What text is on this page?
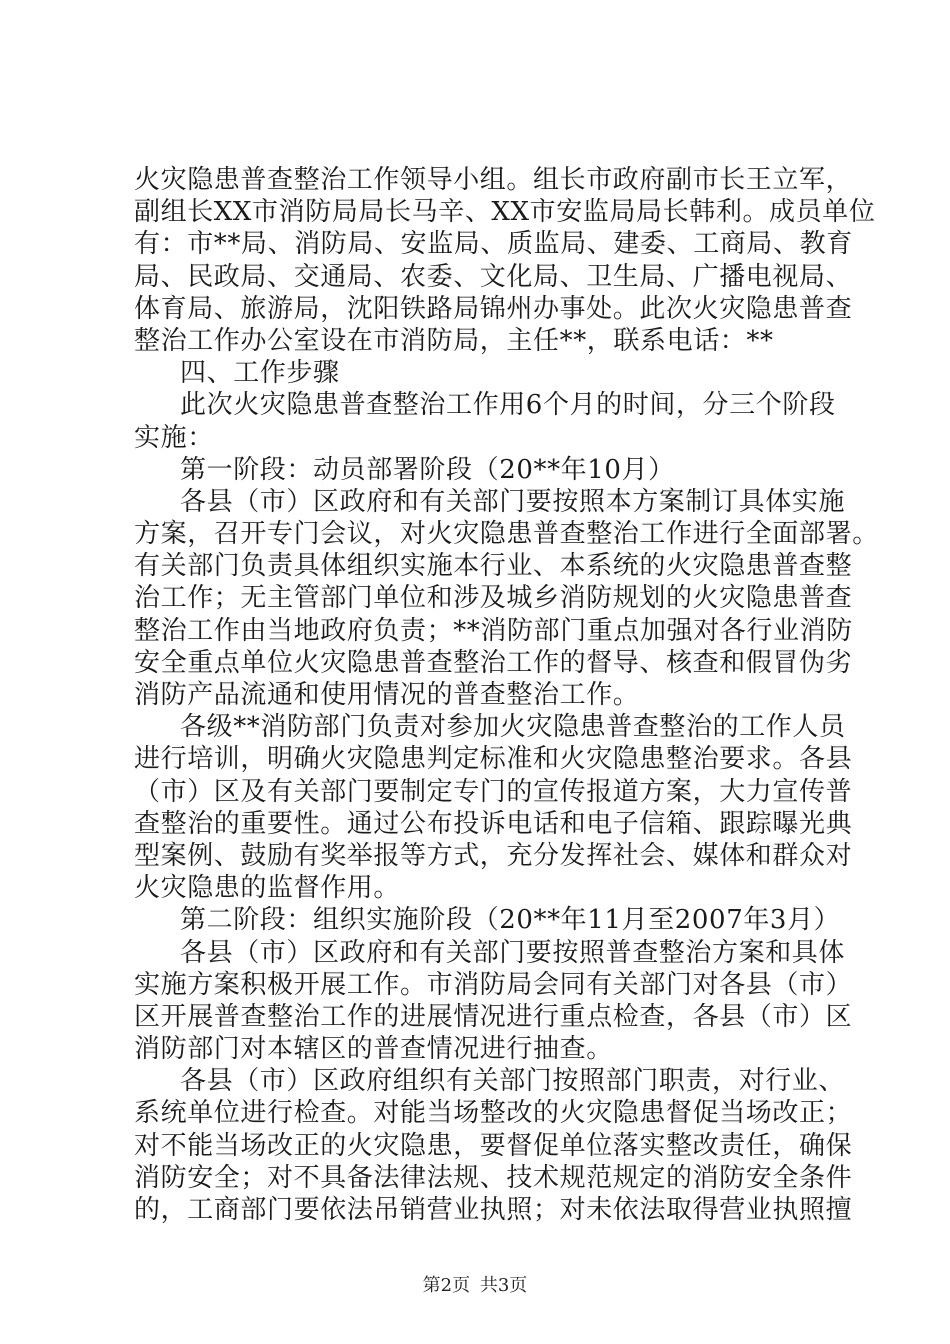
火灾隐患普查整治工作领导小组。组长市政府副市长王立军，
副组长XX市消防局局长马辛、XX市安监局局长韩利。成员单位
有：市**局、消防局、安监局、质监局、建委、工商局、教育
局、民政局、交通局、农委、文化局、卫生局、广播电视局、
体育局、旅游局，沈阳铁路局锦州办事处。此次火灾隐患普查
整治工作办公室设在市消防局，主任**，联系电话：**
四、工作步骤
此次火灾隐患普查整治工作用6个月的时间，分三个阶段
实施：
第一阶段：动员部署阶段（20**年10月）
各县（市）区政府和有关部门要按照本方案制订具体实施
方案，召开专门会议，对火灾隐患普查整治工作进行全面部署。
有关部门负责具体组织实施本行业、本系统的火灾隐患普查整
治工作；无主管部门单位和涉及城乡消防规划的火灾隐患普查
整治工作由当地政府负责；**消防部门重点加强对各行业消防
安全重点单位火灾隐患普查整治工作的督导、核查和假冒伪劣
消防产品流通和使用情况的普查整治工作。
各级**消防部门负责对参加火灾隐患普查整治的工作人员
进行培训，明确火灾隐患判定标准和火灾隐患整治要求。各县
（市）区及有关部门要制定专门的宣传报道方案，大力宣传普
查整治的重要性。通过公布投诉电话和电子信箱、跟踪曝光典
型案例、鼓励有奖举报等方式，充分发挥社会、媒体和群众对
火灾隐患的监督作用。
第二阶段：组织实施阶段（20**年11月至2007年3月）
各县（市）区政府和有关部门要按照普查整治方案和具体
实施方案积极开展工作。市消防局会同有关部门对各县（市）
区开展普查整治工作的进展情况进行重点检查，各县（市）区
消防部门对本辖区的普查情况进行抽查。
各县（市）区政府组织有关部门按照部门职责，对行业、
系统单位进行检查。对能当场整改的火灾隐患督促当场改正；
对不能当场改正的火灾隐患，要督促单位落实整改责任，确保
消防安全；对不具备法律法规、技术规范规定的消防安全条件
的，工商部门要依法吊销营业执照；对未依法取得营业执照擅
第2页 共3页
